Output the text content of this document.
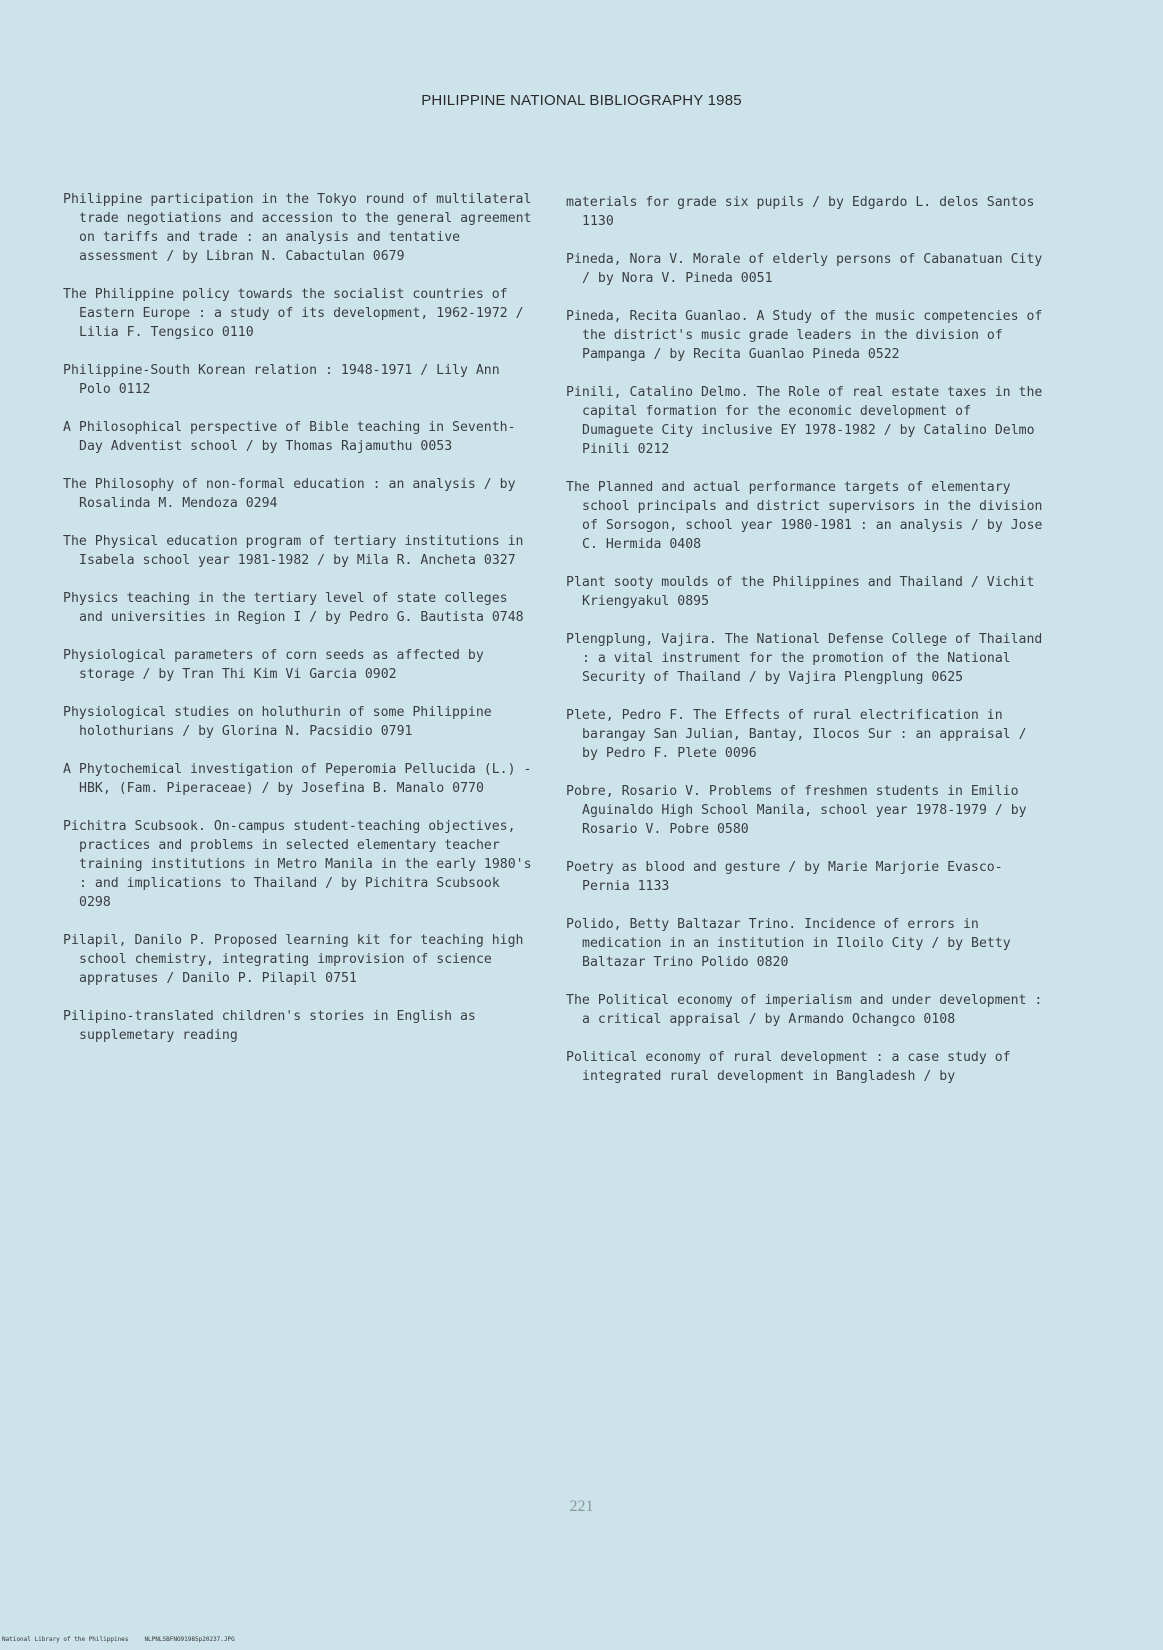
PHILIPPINE NATIONAL BIBLIOGRAPHY 1985

Philippine participation in the Tokyo round of multilateral trade negotiations and accession to the general agreement on tariffs and trade : an analysis and tentative assessment / by Libran N. Cabactulan 0679

The Philippine policy towards the socialist countries of Eastern Europe : a study of its development, 1962-1972 / Lilia F. Tengsico 0110

Philippine-South Korean relation : 1948-1971 / Lily Ann Polo 0112

A Philosophical perspective of Bible teaching in Seventh-Day Adventist school / by Thomas Rajamuthu 0053

The Philosophy of non-formal education : an analysis / by Rosalinda M. Mendoza 0294

The Physical education program of tertiary institutions in Isabela school year 1981-1982 / by Mila R. Ancheta 0327

Physics teaching in the tertiary level of state colleges and universities in Region I / by Pedro G. Bautista 0748

Physiological parameters of corn seeds as affected by storage / by Tran Thi Kim Vi Garcia 0902

Physiological studies on holuthurin of some Philippine holothurians / by Glorina N. Pacsidio 0791

A Phytochemical investigation of Peperomia Pellucida (L.) - HBK, (Fam. Piperaceae) / by Josefina B. Manalo 0770

Pichitra Scubsook. On-campus student-teaching objectives, practices and problems in selected elementary teacher training institutions in Metro Manila in the early 1980's : and implications to Thailand / by Pichitra Scubsook 0298

Pilapil, Danilo P. Proposed learning kit for teaching high school chemistry, integrating improvision of science appratuses / Danilo P. Pilapil 0751

Pilipino-translated children's stories in English as supplemetary reading

materials for grade six pupils / by Edgardo L. delos Santos 1130

Pineda, Nora V. Morale of elderly persons of Cabanatuan City / by Nora V. Pineda 0051

Pineda, Recita Guanlao. A Study of the music competencies of the district's music grade leaders in the division of Pampanga / by Recita Guanlao Pineda 0522

Pinili, Catalino Delmo. The Role of real estate taxes in the capital formation for the economic development of Dumaguete City inclusive EY 1978-1982 / by Catalino Delmo Pinili 0212

The Planned and actual performance targets of elementary school principals and district supervisors in the division of Sorsogon, school year 1980-1981 : an analysis / by Jose C. Hermida 0408

Plant sooty moulds of the Philippines and Thailand / Vichit Kriengyakul 0895

Plengplung, Vajira. The National Defense College of Thailand : a vital instrument for the promotion of the National Security of Thailand / by Vajira Plengplung 0625

Plete, Pedro F. The Effects of rural electrification in barangay San Julian, Bantay, Ilocos Sur : an appraisal / by Pedro F. Plete 0096

Pobre, Rosario V. Problems of freshmen students in Emilio Aguinaldo High School Manila, school year 1978-1979 / by Rosario V. Pobre 0580

Poetry as blood and gesture / by Marie Marjorie Evasco-Pernia 1133

Polido, Betty Baltazar Trino. Incidence of errors in medication in an institution in Iloilo City / by Betty Baltazar Trino Polido 0820

The Political economy of imperialism and under development : a critical appraisal / by Armando Ochangco 0108

Political economy of rural development : a case study of integrated rural development in Bangladesh / by

221
National Library of the Philippines	NLPNLSBFNO91985p20237.JPG
